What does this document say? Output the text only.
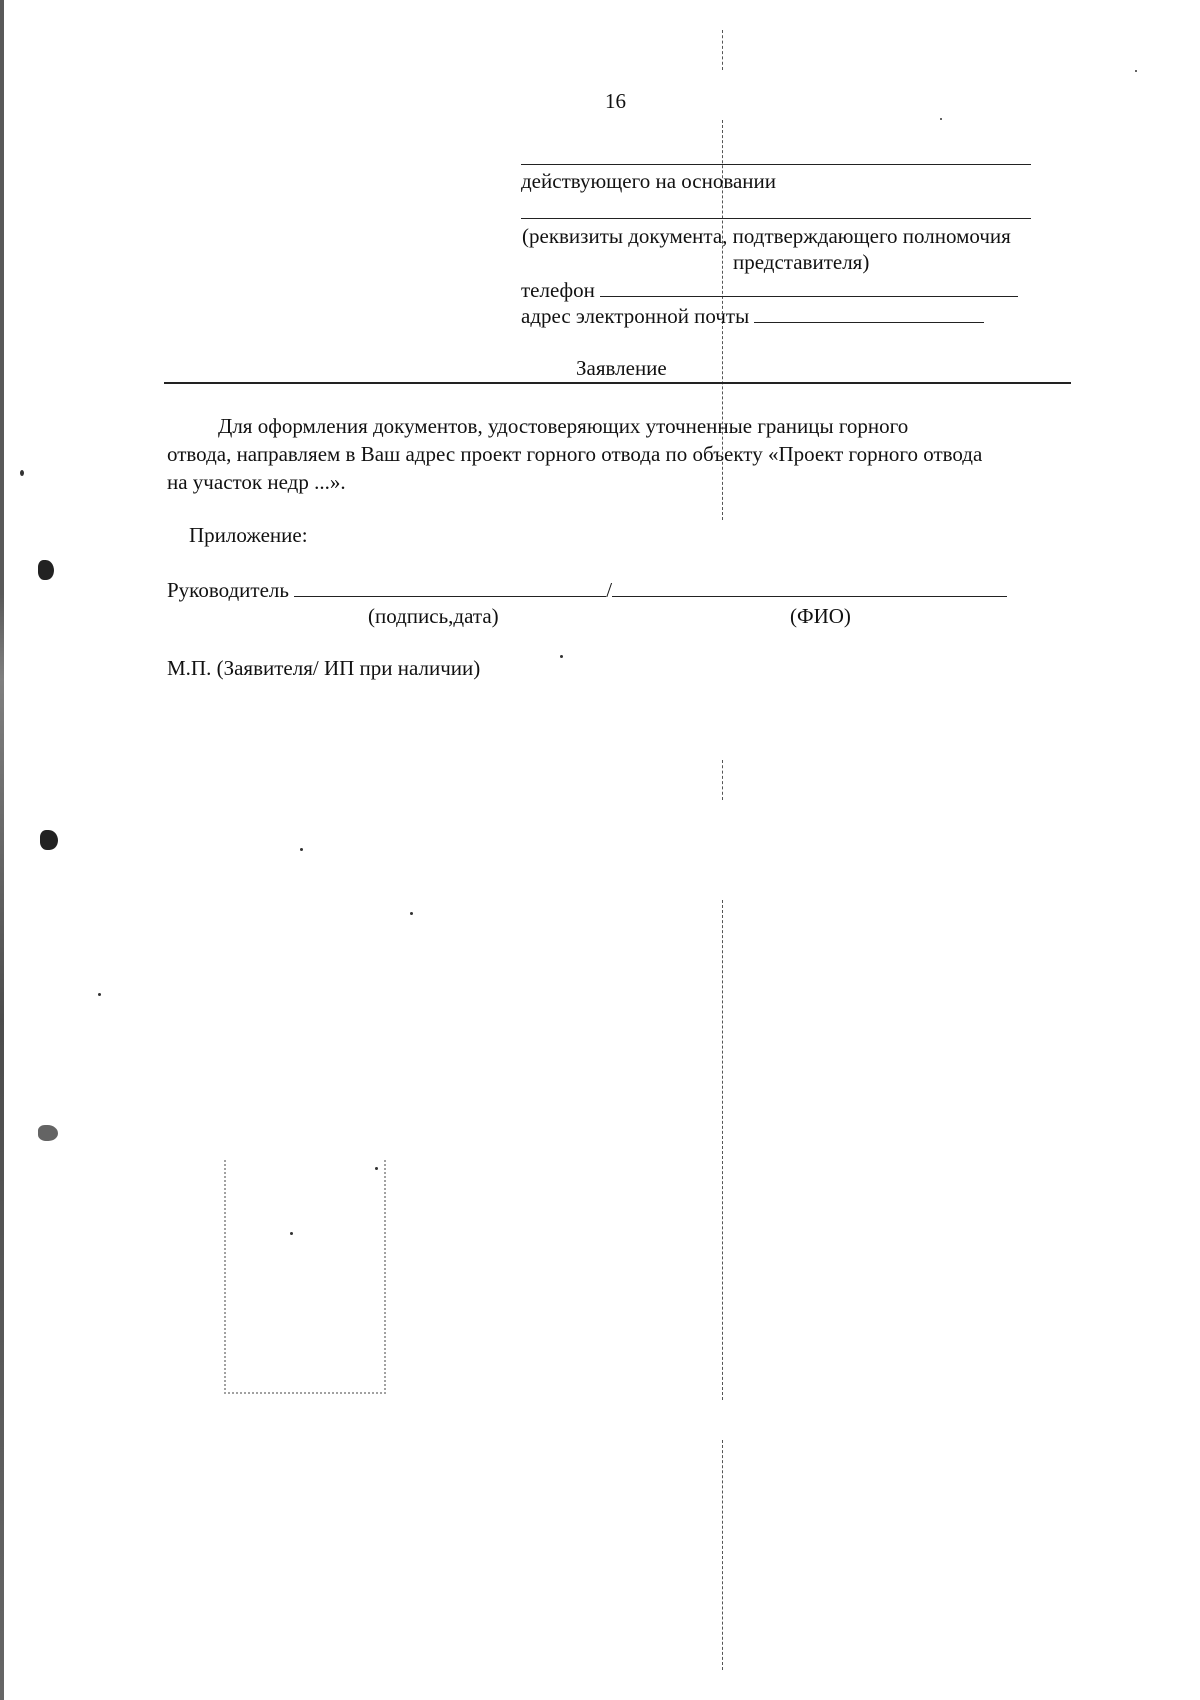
16
действующего на основании
(реквизиты документа, подтверждающего полномочия
представителя)
телефон
адрес электронной почты
Заявление
Для оформления документов, удостоверяющих уточненные границы горного
отвода, направляем в Ваш адрес проект горного отвода по объекту «Проект горного отвода
на участок недр ...».
Приложение:
Руководитель	/
(подпись,дата)	(ФИО)
М.П. (Заявителя/ ИП при наличии)
